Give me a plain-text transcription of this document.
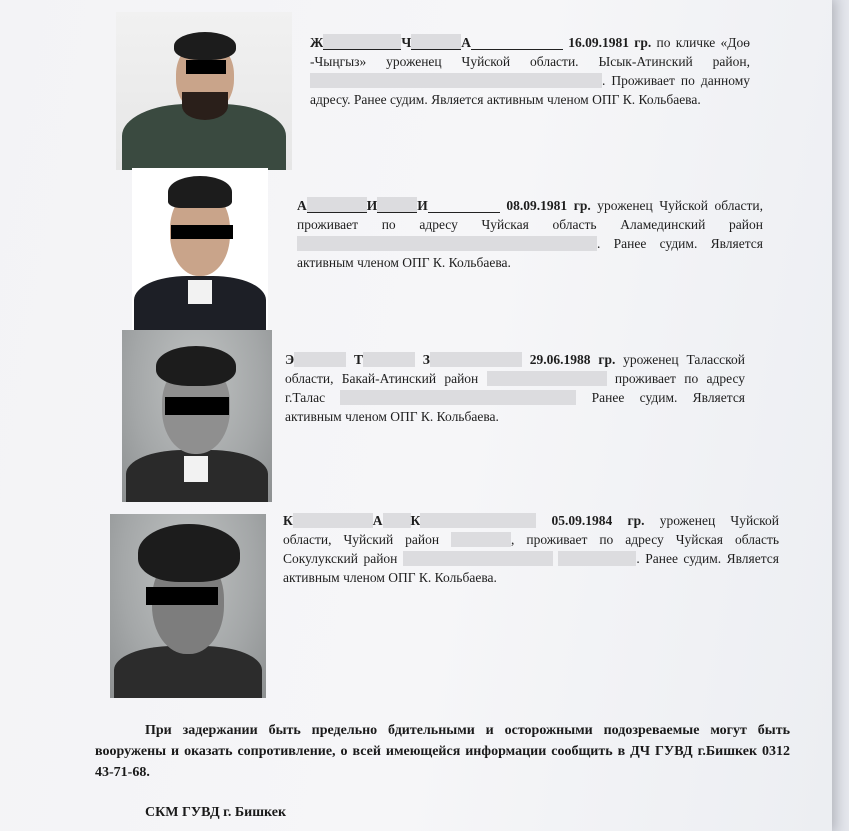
Ж	Ч	А	16.09.1981 гр. по кличке «Доө -Чыңгыз» уроженец Чуйской области. Ысык-Атинский район, . Проживает по данному адресу. Ранее судим. Является активным членом ОПГ К. Кольбаева.
А	И	И	08.09.1981 гр. уроженец Чуйской области, проживает по адресу Чуйская область Аламединский район . Ранее судим. Является активным членом ОПГ К. Кольбаева.
Э	Т	З	29.06.1988 гр. уроженец Таласской области, Бакай-Атинский район	проживает по адресу г.Талас	Ранее судим. Является активным членом ОПГ К. Кольбаева.
К	А К	05.09.1984 гр. уроженец Чуйской области, Чуйский район	, проживает по адресу Чуйская область Сокулукский район	. Ранее судим. Является активным членом ОПГ К. Кольбаева.
При задержании быть предельно бдительными и осторожными подозреваемые могут быть вооружены и оказать сопротивление, о всей имеющейся информации сообщить в ДЧ ГУВД г.Бишкек 0312 43-71-68.
СКМ ГУВД г. Бишкек
